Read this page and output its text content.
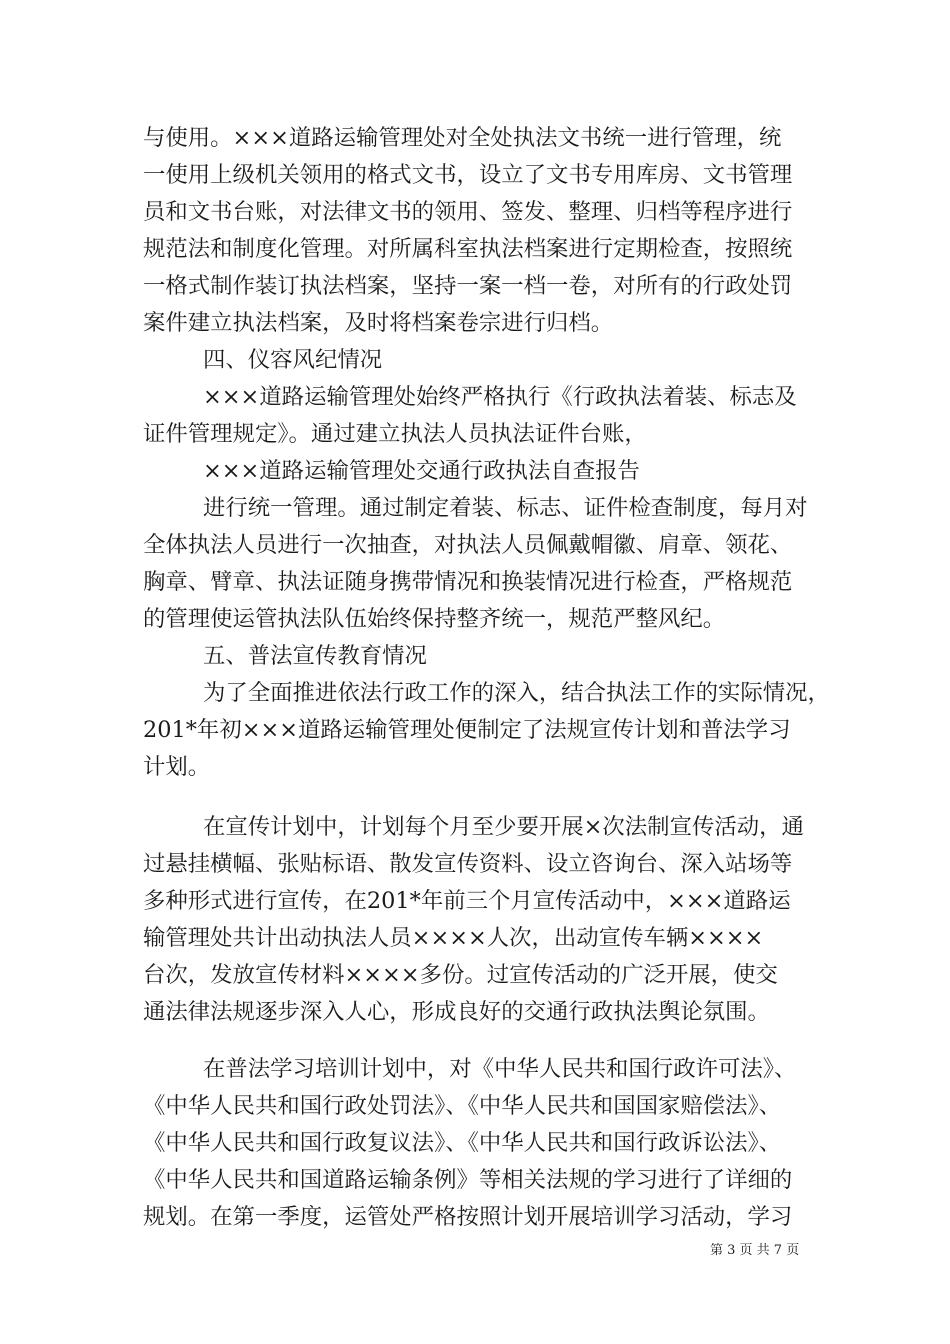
与使用。×××道路运输管理处对全处执法文书统一进行管理，统
一使用上级机关领用的格式文书，设立了文书专用库房、文书管理
员和文书台账，对法律文书的领用、签发、整理、归档等程序进行
规范法和制度化管理。对所属科室执法档案进行定期检查，按照统
一格式制作装订执法档案，坚持一案一档一卷，对所有的行政处罚
案件建立执法档案，及时将档案卷宗进行归档。
四、仪容风纪情况
×××道路运输管理处始终严格执行《行政执法着装、标志及
证件管理规定》。通过建立执法人员执法证件台账，
×××道路运输管理处交通行政执法自查报告
进行统一管理。通过制定着装、标志、证件检查制度，每月对
全体执法人员进行一次抽查，对执法人员佩戴帽徽、肩章、领花、
胸章、臂章、执法证随身携带情况和换装情况进行检查，严格规范
的管理使运管执法队伍始终保持整齐统一，规范严整风纪。
五、普法宣传教育情况
为了全面推进依法行政工作的深入，结合执法工作的实际情况，
201*年初×××道路运输管理处便制定了法规宣传计划和普法学习
计划。
在宣传计划中，计划每个月至少要开展×次法制宣传活动，通
过悬挂横幅、张贴标语、散发宣传资料、设立咨询台、深入站场等
多种形式进行宣传，在201*年前三个月宣传活动中，×××道路运
输管理处共计出动执法人员××××人次，出动宣传车辆××××
台次，发放宣传材料××××多份。过宣传活动的广泛开展，使交
通法律法规逐步深入人心，形成良好的交通行政执法舆论氛围。
在普法学习培训计划中，对《中华人民共和国行政许可法》、
《中华人民共和国行政处罚法》、《中华人民共和国国家赔偿法》、
《中华人民共和国行政复议法》、《中华人民共和国行政诉讼法》、
《中华人民共和国道路运输条例》等相关法规的学习进行了详细的
规划。在第一季度，运管处严格按照计划开展培训学习活动，学习
第 3 页 共 7 页
